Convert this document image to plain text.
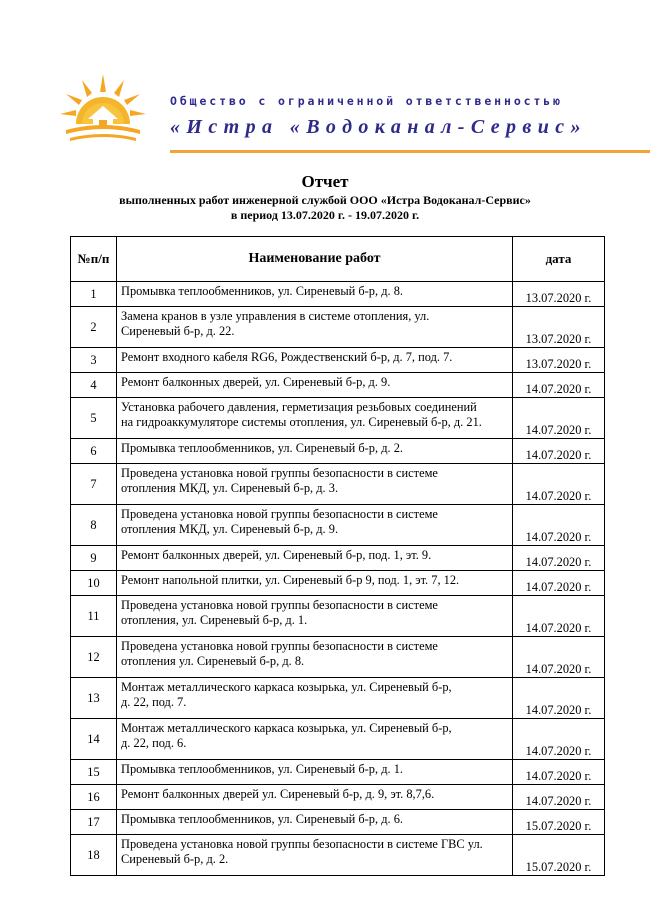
Общество с ограниченной ответственностью
«Истра «Водоканал-Сервис»
Отчет
выполненных работ инженерной службой ООО «Истра Водоканал-Сервис»
в период 13.07.2020 г. - 19.07.2020 г.
№п/п	Наименование работ	дата
1	Промывка теплообменников, ул. Сиреневый б-р, д. 8.	13.07.2020 г.
2	Замена кранов в узле управления в системе отопления, ул.
Сиреневый б-р, д. 22.	13.07.2020 г.
3	Ремонт входного кабеля RG6, Рождественский б-р, д. 7, под. 7.	13.07.2020 г.
4	Ремонт балконных дверей, ул. Сиреневый б-р, д. 9.	14.07.2020 г.
5	Установка рабочего давления, герметизация резьбовых соединений
на гидроаккумуляторе системы отопления, ул. Сиреневый б-р, д. 21.	14.07.2020 г.
6	Промывка теплообменников, ул. Сиреневый б-р, д. 2.	14.07.2020 г.
7	Проведена установка новой группы безопасности в системе
отопления МКД, ул. Сиреневый б-р, д. 3.	14.07.2020 г.
8	Проведена установка новой группы безопасности в системе
отопления МКД, ул. Сиреневый б-р, д. 9.	14.07.2020 г.
9	Ремонт балконных дверей, ул. Сиреневый б-р, под. 1, эт. 9.	14.07.2020 г.
10	Ремонт напольной плитки, ул. Сиреневый б-р 9, под. 1, эт. 7, 12.	14.07.2020 г.
11	Проведена установка новой группы безопасности в системе
отопления, ул. Сиреневый б-р, д. 1.	14.07.2020 г.
12	Проведена установка новой группы безопасности в системе
отопления ул. Сиреневый б-р, д. 8.	14.07.2020 г.
13	Монтаж металлического каркаса козырька, ул. Сиреневый б-р,
д. 22, под. 7.	14.07.2020 г.
14	Монтаж металлического каркаса козырька, ул. Сиреневый б-р,
д. 22, под. 6.	14.07.2020 г.
15	Промывка теплообменников, ул. Сиреневый б-р, д. 1.	14.07.2020 г.
16	Ремонт балконных дверей ул. Сиреневый б-р, д. 9, эт. 8,7,6.	14.07.2020 г.
17	Промывка теплообменников, ул. Сиреневый б-р, д. 6.	15.07.2020 г.
18	Проведена установка новой группы безопасности в системе ГВС ул.
Сиреневый б-р, д. 2.	15.07.2020 г.
